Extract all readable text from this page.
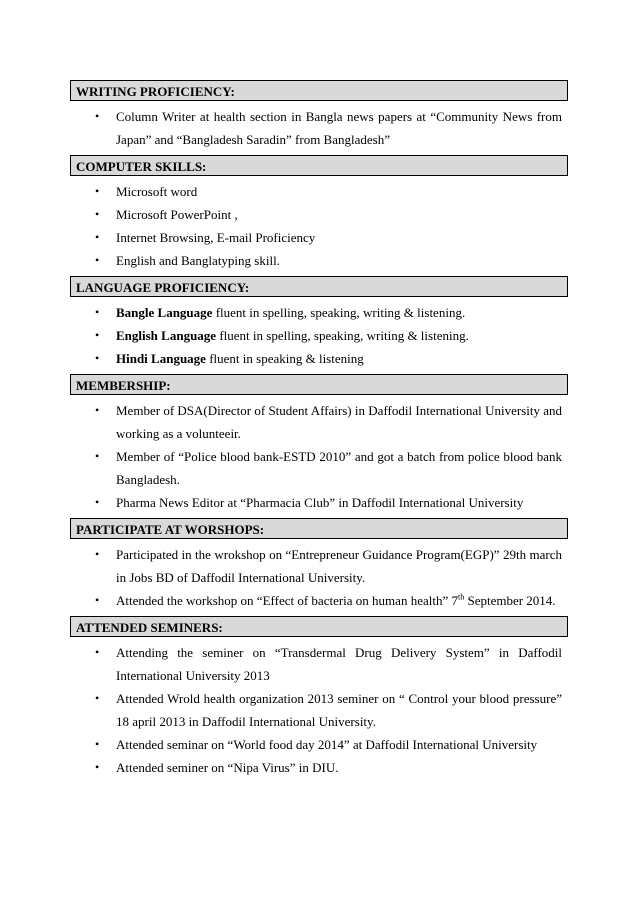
WRITING PROFICIENCY:
• Column Writer at health section in Bangla news papers at “Community News from Japan” and “Bangladesh Saradin” from Bangladesh”
COMPUTER SKILLS:
• Microsoft word
• Microsoft PowerPoint ,
• Internet Browsing, E-mail Proficiency
• English and Banglatyping skill.
LANGUAGE PROFICIENCY:
• Bangle Language fluent in spelling, speaking, writing & listening.
• English Language fluent in spelling, speaking, writing & listening.
• Hindi Language fluent in speaking & listening
MEMBERSHIP:
• Member of DSA(Director of Student Affairs) in Daffodil International University and working as a volunteeir.
• Member of “Police blood bank-ESTD 2010” and got a batch from police blood bank Bangladesh.
• Pharma News Editor at “Pharmacia Club” in Daffodil International University
PARTICIPATE AT WORSHOPS:
• Participated in the wrokshop on “Entrepreneur Guidance Program(EGP)” 29th march in Jobs BD of Daffodil International University.
• Attended the workshop on “Effect of bacteria on human health” 7th September 2014.
ATTENDED SEMINERS:
• Attending the seminer on “Transdermal Drug Delivery System” in Daffodil International University 2013
• Attended Wrold health organization 2013 seminer on “ Control your blood pressure” 18 april 2013 in Daffodil International University.
• Attended seminar on “World food day 2014” at Daffodil International University
• Attended seminer on “Nipa Virus” in DIU.
